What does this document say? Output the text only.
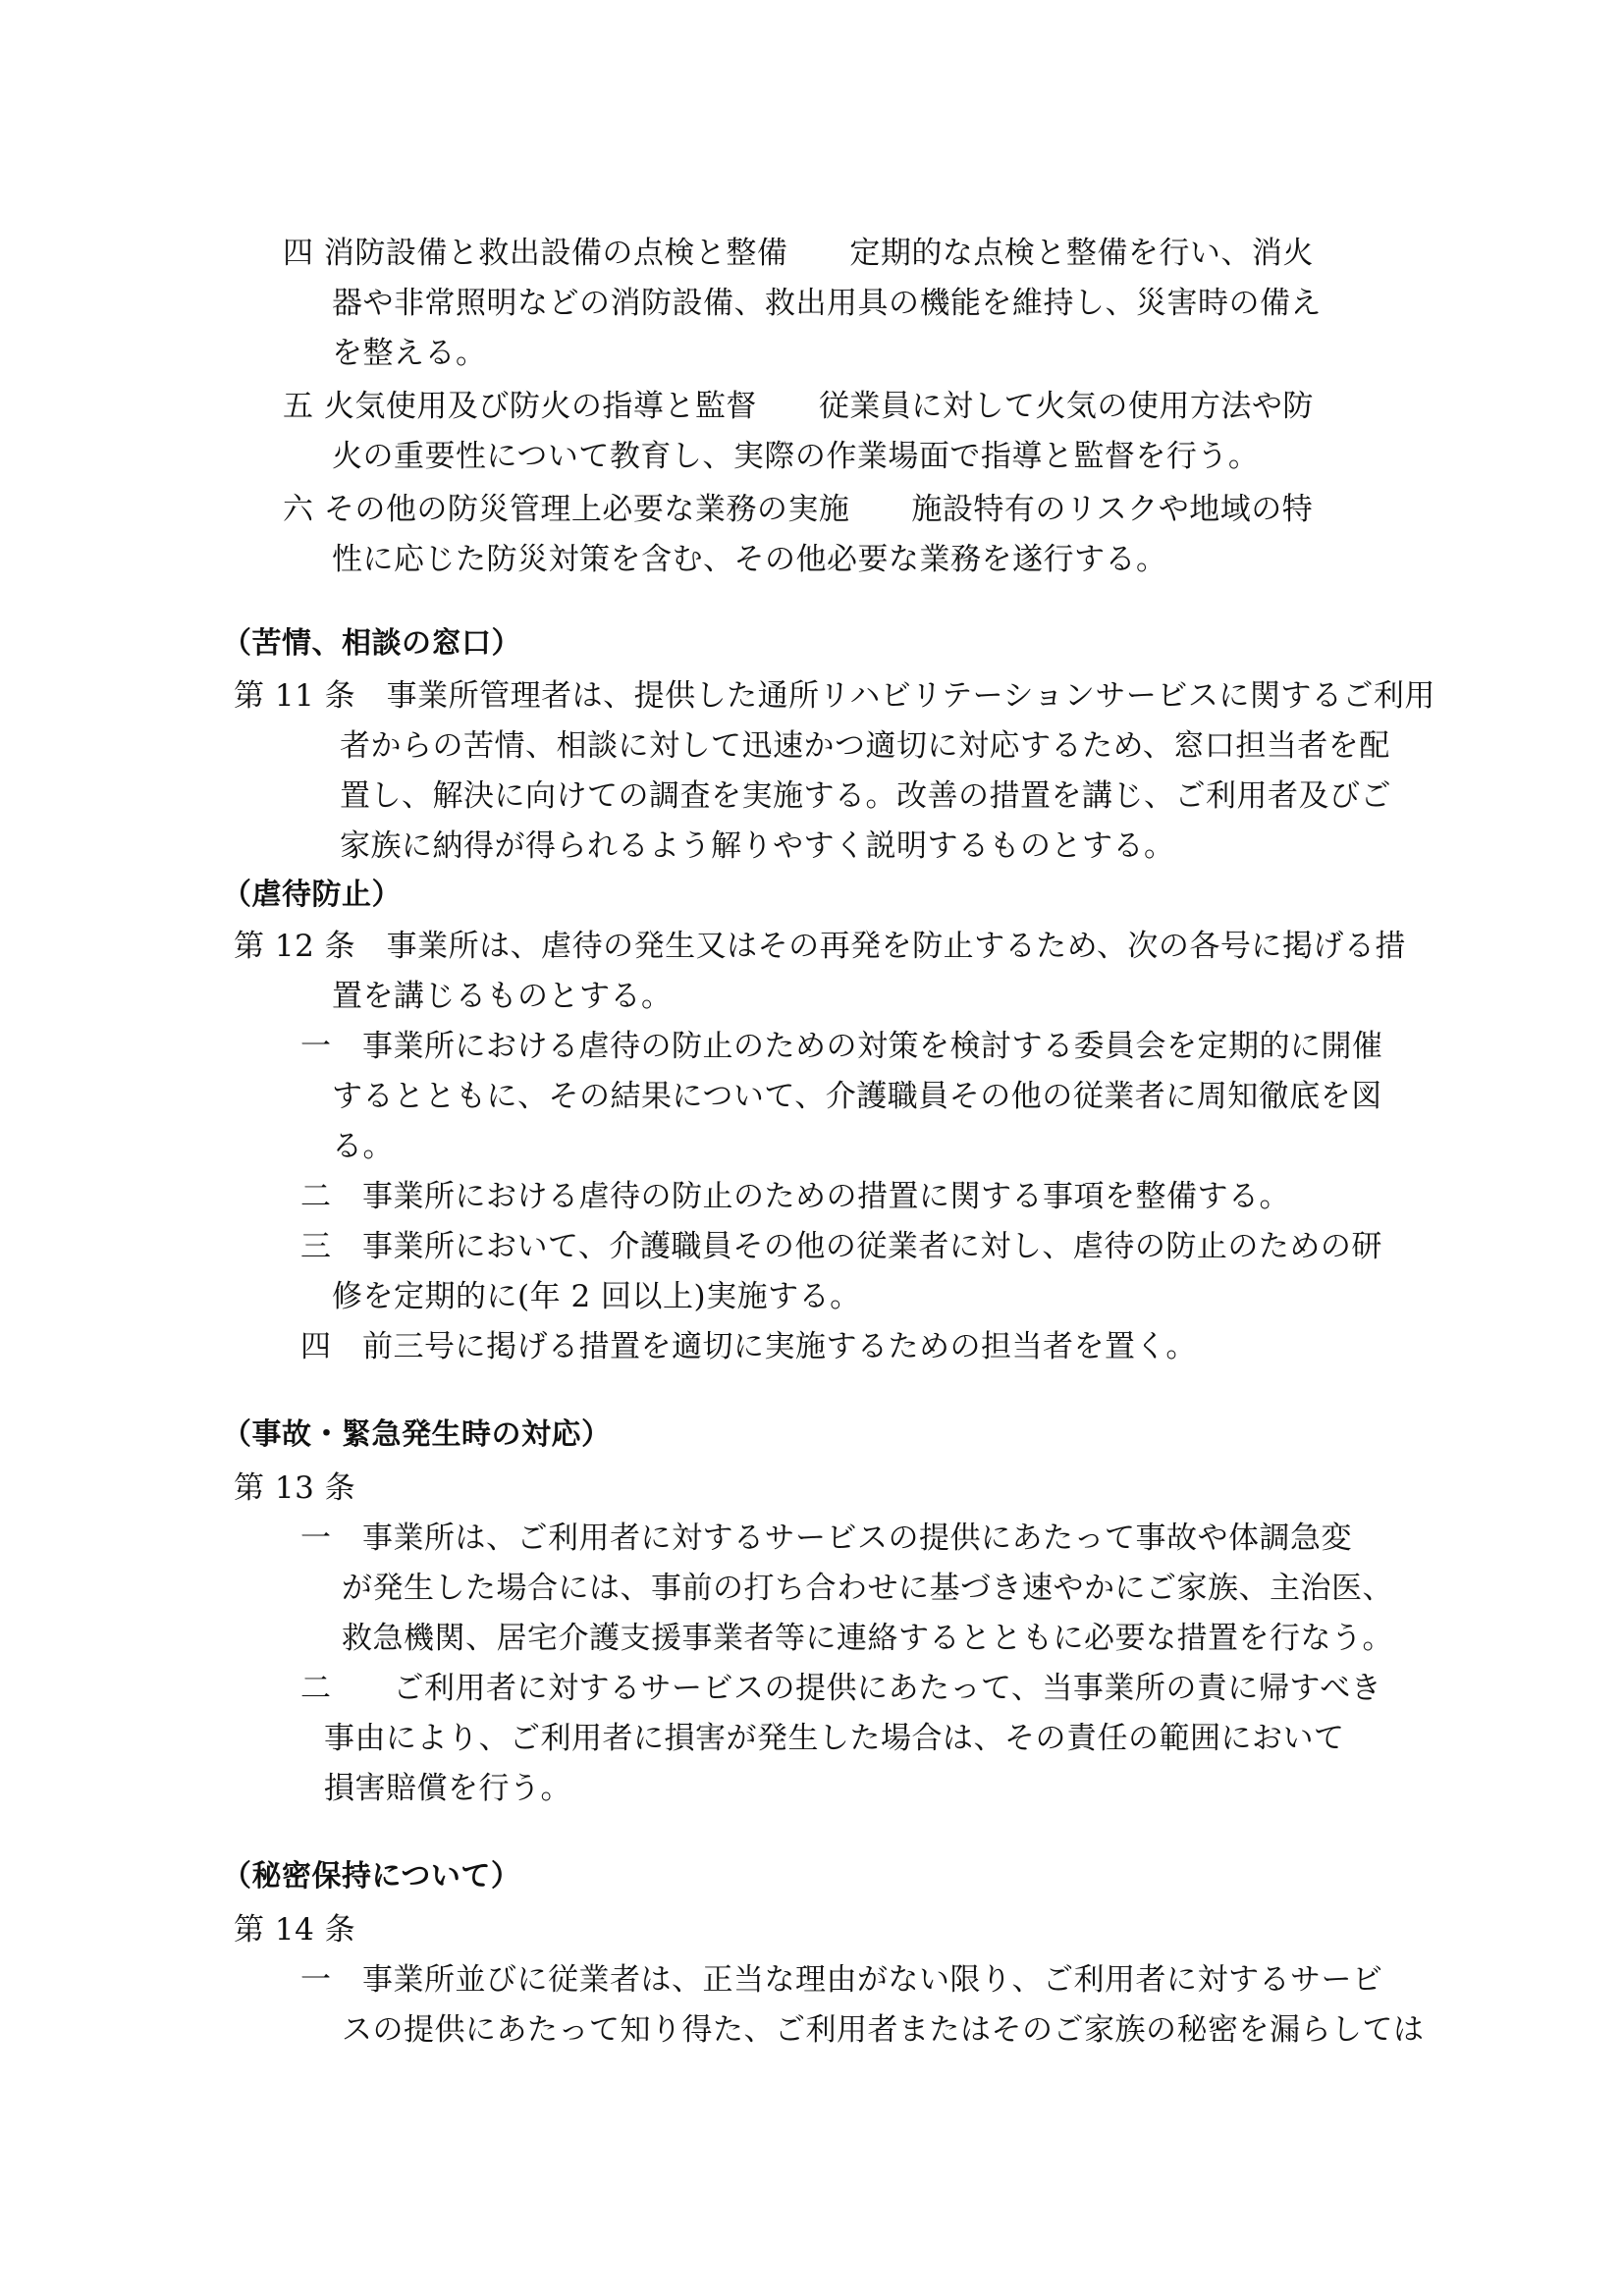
四 消防設備と救出設備の点検と整備　　定期的な点検と整備を行い、消火
器や非常照明などの消防設備、救出用具の機能を維持し、災害時の備え
を整える。
五 火気使用及び防火の指導と監督　　従業員に対して火気の使用方法や防
火の重要性について教育し、実際の作業場面で指導と監督を行う。
六 その他の防災管理上必要な業務の実施　　施設特有のリスクや地域の特
性に応じた防災対策を含む、その他必要な業務を遂行する。
（苦情、相談の窓口）
第 11 条　事業所管理者は、提供した通所リハビリテーションサービスに関するご利用
者からの苦情、相談に対して迅速かつ適切に対応するため、窓口担当者を配
置し、解決に向けての調査を実施する。改善の措置を講じ、ご利用者及びご
家族に納得が得られるよう解りやすく説明するものとする。
（虐待防止）
第 12 条　事業所は、虐待の発生又はその再発を防止するため、次の各号に掲げる措
置を講じるものとする。
一　事業所における虐待の防止のための対策を検討する委員会を定期的に開催
するとともに、その結果について、介護職員その他の従業者に周知徹底を図
る。
二　事業所における虐待の防止のための措置に関する事項を整備する。
三　事業所において、介護職員その他の従業者に対し、虐待の防止のための研
修を定期的に(年 2 回以上)実施する。
四　前三号に掲げる措置を適切に実施するための担当者を置く。
（事故・緊急発生時の対応）
第 13 条
一　事業所は、ご利用者に対するサービスの提供にあたって事故や体調急変
が発生した場合には、事前の打ち合わせに基づき速やかにご家族、主治医、
救急機関、居宅介護支援事業者等に連絡するとともに必要な措置を行なう。
二　　ご利用者に対するサービスの提供にあたって、当事業所の責に帰すべき
事由により、ご利用者に損害が発生した場合は、その責任の範囲において
損害賠償を行う。
（秘密保持について）
第 14 条
一　事業所並びに従業者は、正当な理由がない限り、ご利用者に対するサービ
スの提供にあたって知り得た、ご利用者またはそのご家族の秘密を漏らしては
